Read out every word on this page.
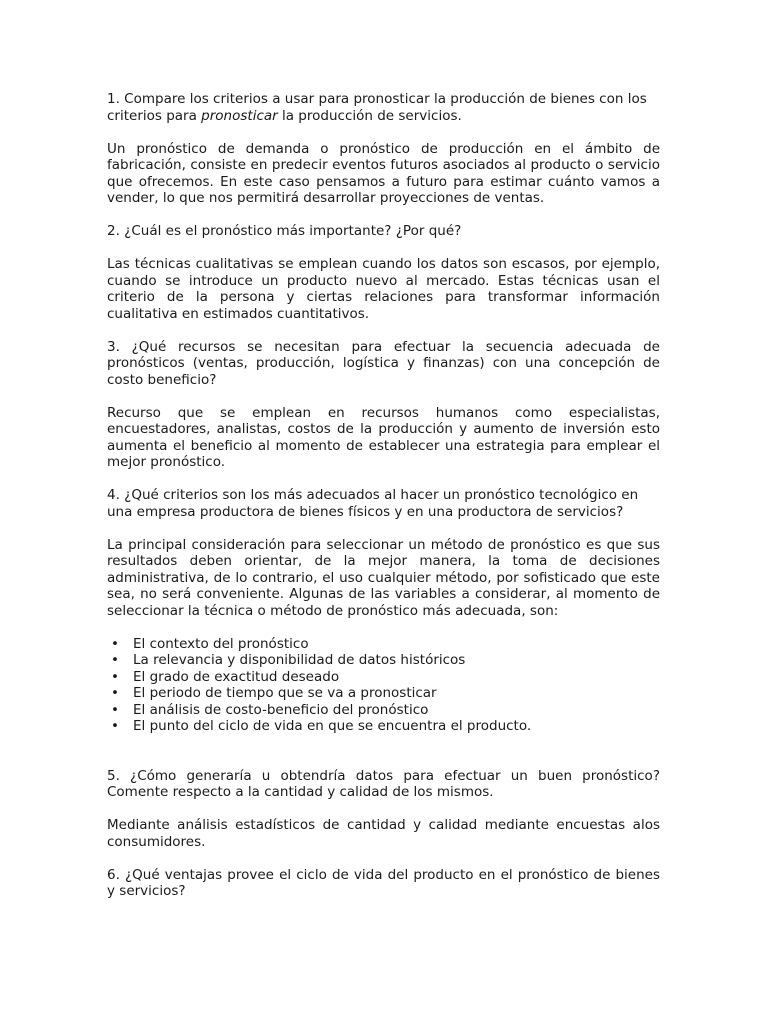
1. Compare los criterios a usar para pronosticar la producción de bienes con los criterios para pronosticar la producción de servicios.

Un pronóstico de demanda o pronóstico de producción en el ámbito de fabricación, consiste en predecir eventos futuros asociados al producto o servicio que ofrecemos. En este caso pensamos a futuro para estimar cuánto vamos a vender, lo que nos permitirá desarrollar proyecciones de ventas.

2. ¿Cuál es el pronóstico más importante? ¿Por qué?

Las técnicas cualitativas se emplean cuando los datos son escasos, por ejemplo, cuando se introduce un producto nuevo al mercado. Estas técnicas usan el criterio de la persona y ciertas relaciones para transformar información cualitativa en estimados cuantitativos.

3. ¿Qué recursos se necesitan para efectuar la secuencia adecuada de pronósticos (ventas, producción, logística y finanzas) con una concepción de costo beneficio?

Recurso que se emplean en recursos humanos como especialistas, encuestadores, analistas, costos de la producción y aumento de inversión esto aumenta el beneficio al momento de establecer una estrategia para emplear el mejor pronóstico.

4. ¿Qué criterios son los más adecuados al hacer un pronóstico tecnológico en una empresa productora de bienes físicos y en una productora de servicios?

La principal consideración para seleccionar un método de pronóstico es que sus resultados deben orientar, de la mejor manera, la toma de decisiones administrativa, de lo contrario, el uso cualquier método, por sofisticado que este sea, no será conveniente. Algunas de las variables a considerar, al momento de seleccionar la técnica o método de pronóstico más adecuada, son:

• El contexto del pronóstico
• La relevancia y disponibilidad de datos históricos
• El grado de exactitud deseado
• El periodo de tiempo que se va a pronosticar
• El análisis de costo-beneficio del pronóstico
• El punto del ciclo de vida en que se encuentra el producto.

5. ¿Cómo generaría u obtendría datos para efectuar un buen pronóstico? Comente respecto a la cantidad y calidad de los mismos.

Mediante análisis estadísticos de cantidad y calidad mediante encuestas alos consumidores.

6. ¿Qué ventajas provee el ciclo de vida del producto en el pronóstico de bienes
y servicios?
